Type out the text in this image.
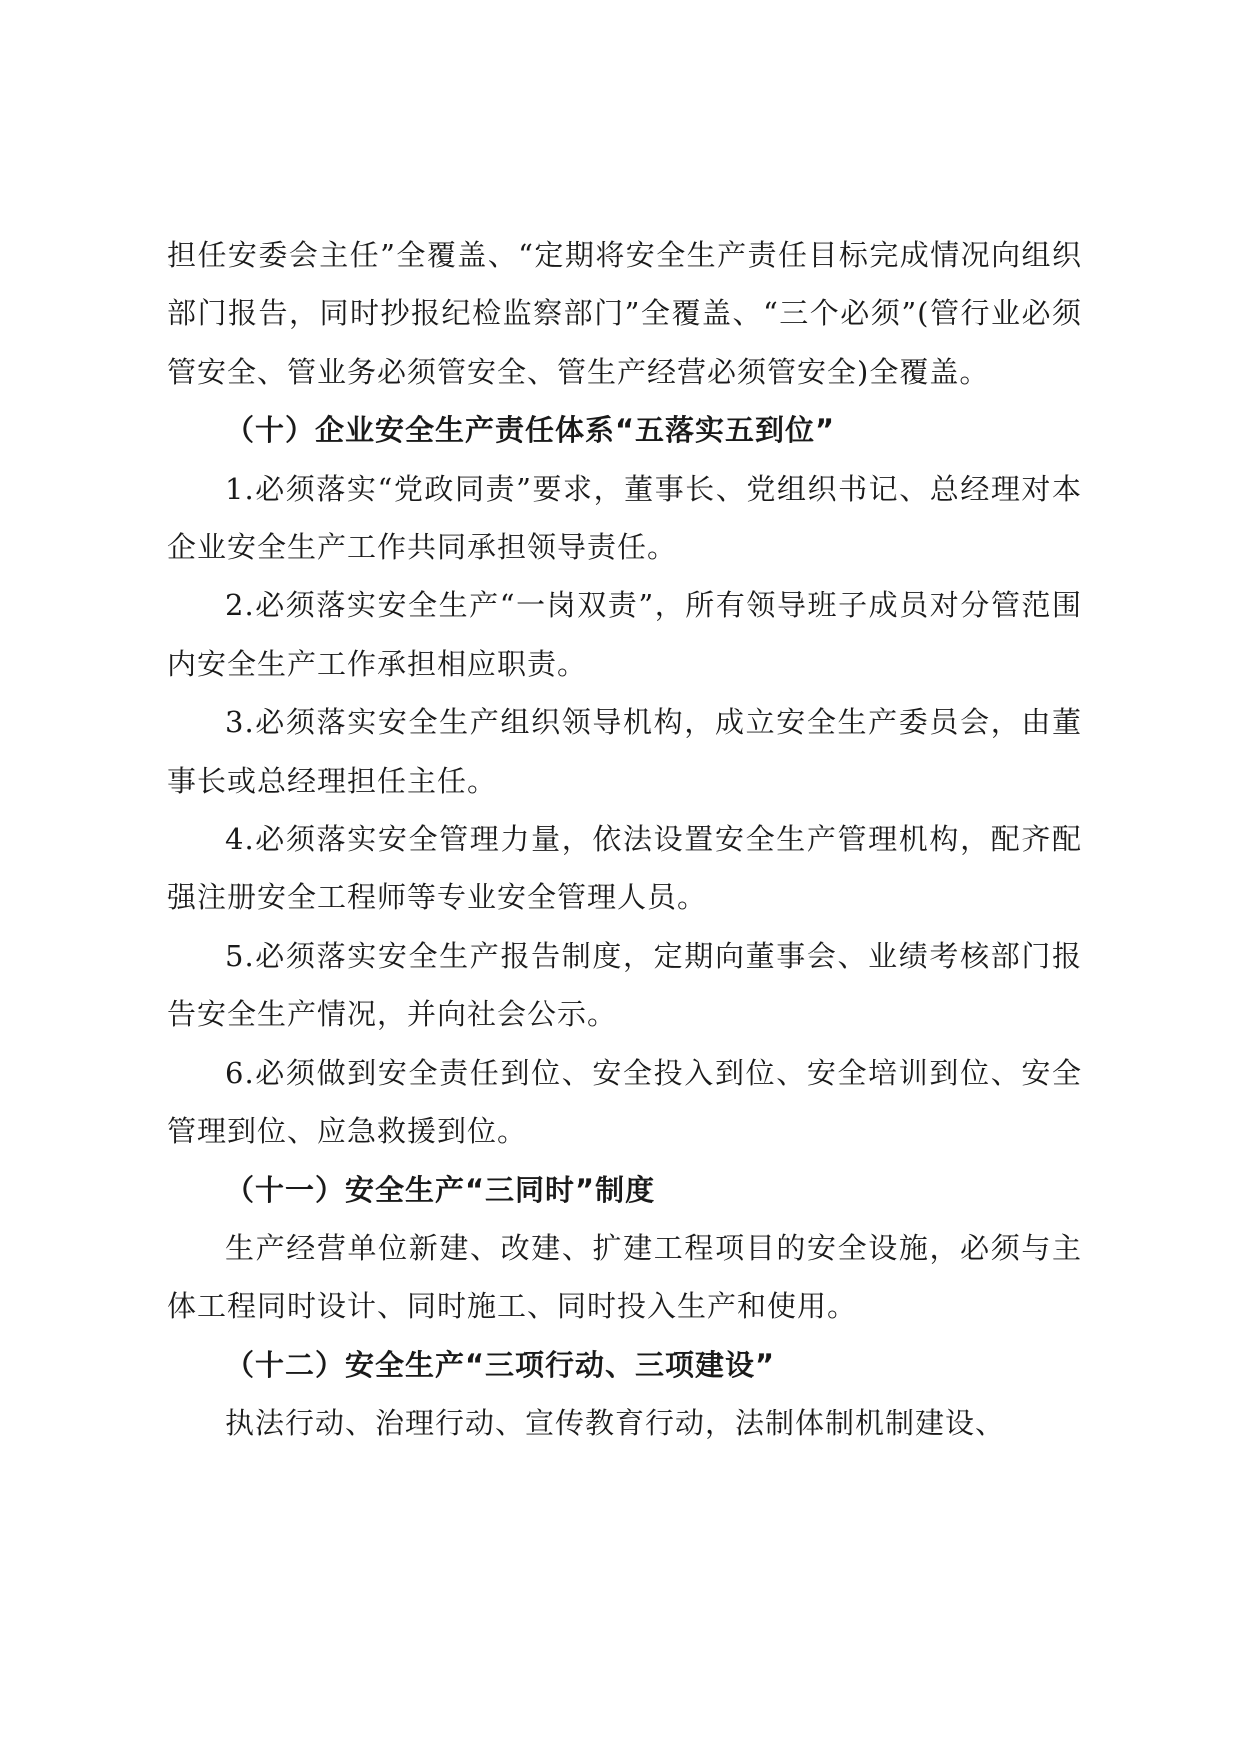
担任安委会主任”全覆盖、“定期将安全生产责任目标完成情况向组织部门报告，同时抄报纪检监察部门”全覆盖、“三个必须”(管行业必须管安全、管业务必须管安全、管生产经营必须管安全)全覆盖。

（十）企业安全生产责任体系“五落实五到位”

1.必须落实“党政同责”要求，董事长、党组织书记、总经理对本企业安全生产工作共同承担领导责任。

2.必须落实安全生产“一岗双责”，所有领导班子成员对分管范围内安全生产工作承担相应职责。

3.必须落实安全生产组织领导机构，成立安全生产委员会，由董事长或总经理担任主任。

4.必须落实安全管理力量，依法设置安全生产管理机构，配齐配强注册安全工程师等专业安全管理人员。

5.必须落实安全生产报告制度，定期向董事会、业绩考核部门报告安全生产情况，并向社会公示。

6.必须做到安全责任到位、安全投入到位、安全培训到位、安全管理到位、应急救援到位。

（十一）安全生产“三同时”制度

生产经营单位新建、改建、扩建工程项目的安全设施，必须与主体工程同时设计、同时施工、同时投入生产和使用。

（十二）安全生产“三项行动、三项建设”

执法行动、治理行动、宣传教育行动，法制体制机制建设、
